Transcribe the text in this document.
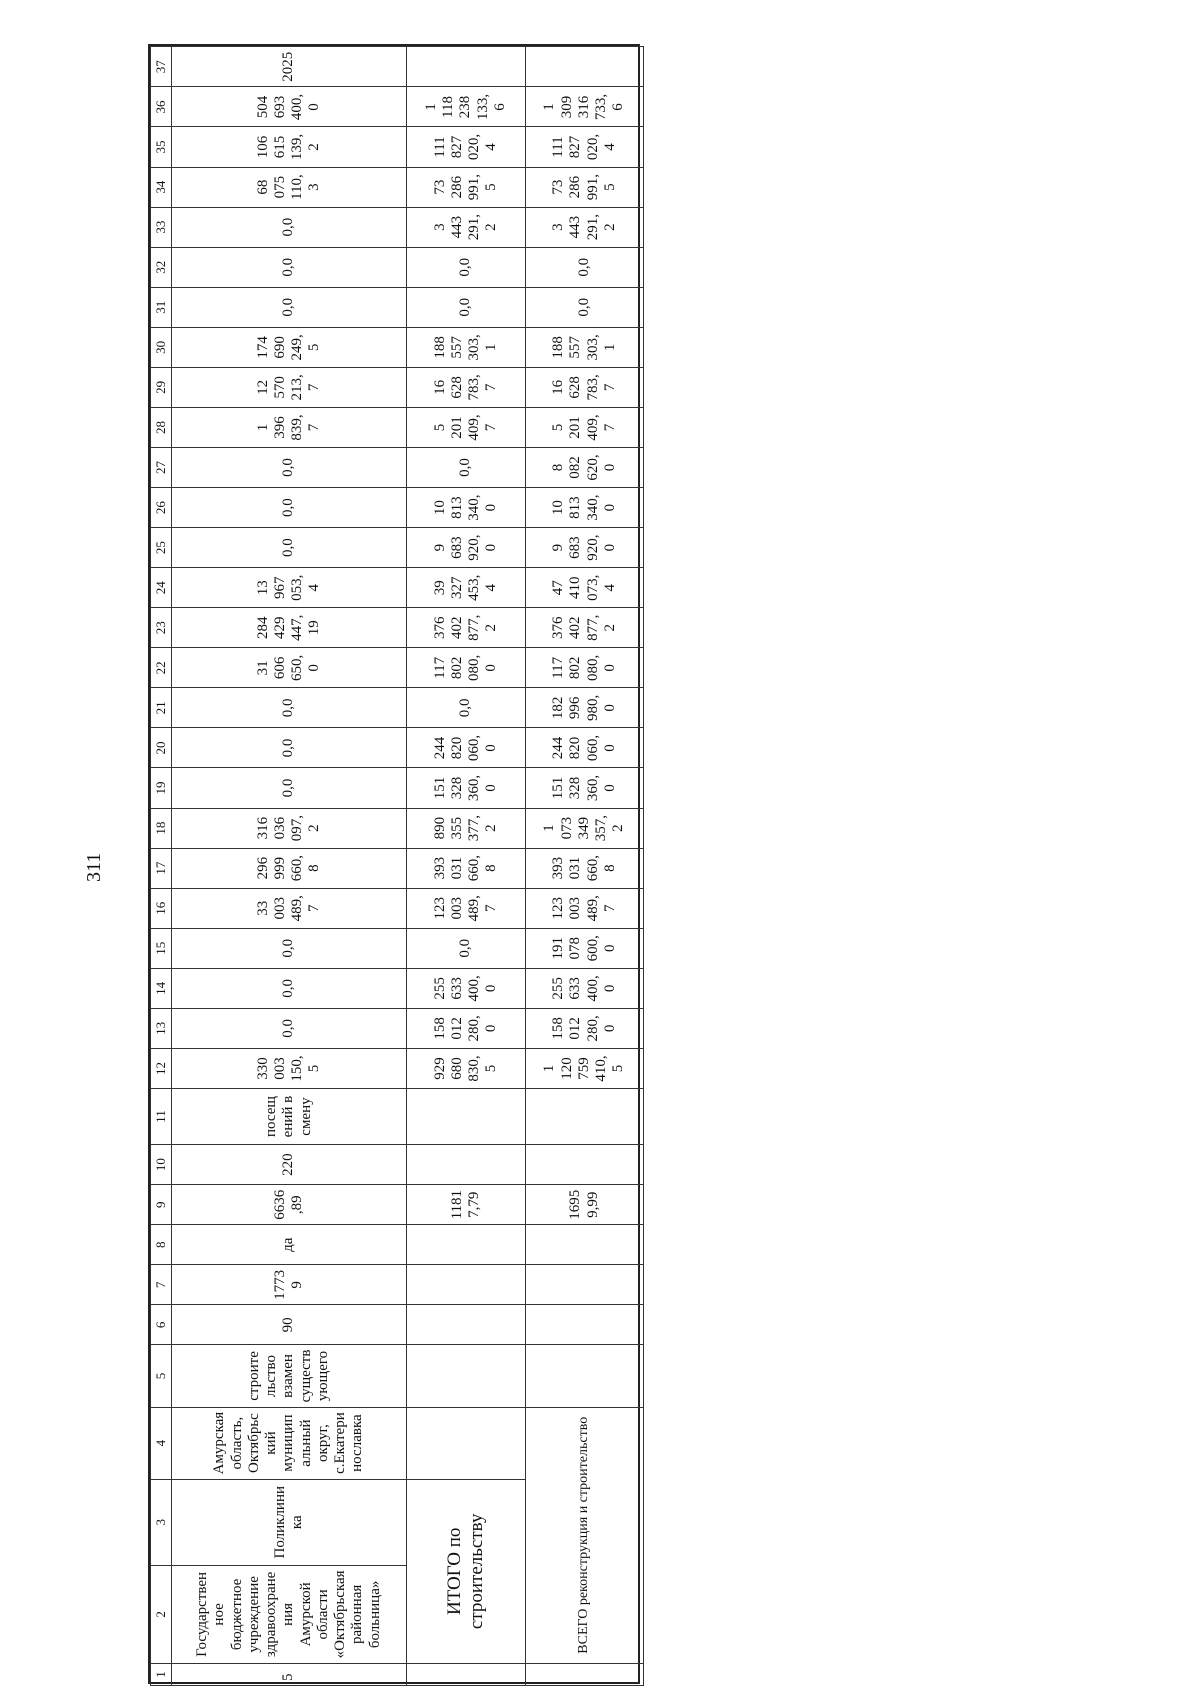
311
1	2	3	4	5	6	7	8	9	10	11	12	13	14	15	16	17	18	19	20	21	22	23	24	25	26	27	28	29	30	31	32	33	34	35	36	37
5	Государственное бюджетное учреждение здравоохранения Амурской области «Октябрьская районная больница»	Поликлиника	Амурская область, Октябрьский муниципальный округ, с.Екатеринославка	строительство взамен существующего	90	17739	да	6636,89	220	посещений в смену	330 003 150,5	0,0	0,0	0,0	33 003 489,7	296 999 660,8	316 036 097,2	0,0	0,0	0,0	31 606 650,0	284 429 447,19	13 967 053,4	0,0	0,0	0,0	1 396 839,7	12 570 213,7	174 690 249,5	0,0	0,0	0,0	68 075 110,3	106 615 139,2	504 693 400,0	2025
	ИТОГО по строительству							11817,79			929 680 830,5	158 012 280,0	255 633 400,0	0,0	123 003 489,7	393 031 660,8	890 355 377,2	151 328 360,0	244 820 060,0	0,0	117 802 080,0	376 402 877,2	39 327 453,4	9 683 920,0	10 813 340,0	0,0	5 201 409,7	16 628 783,7	188 557 303,1	0,0	0,0	3 443 291,2	73 286 991,5	111 827 020,4	1 118 238 133,6	
	ВСЕГО реконструкция и строительство							16959,99			1 120 759 410,5	158 012 280,0	255 633 400,0	191 078 600,0	123 003 489,7	393 031 660,8	1 073 349 357,2	151 328 360,0	244 820 060,0	182 996 980,0	117 802 080,0	376 402 877,2	47 410 073,4	9 683 920,0	10 813 340,0	8 082 620,0	5 201 409,7	16 628 783,7	188 557 303,1	0,0	0,0	3 443 291,2	73 286 991,5	111 827 020,4	1 309 316 733,6	
